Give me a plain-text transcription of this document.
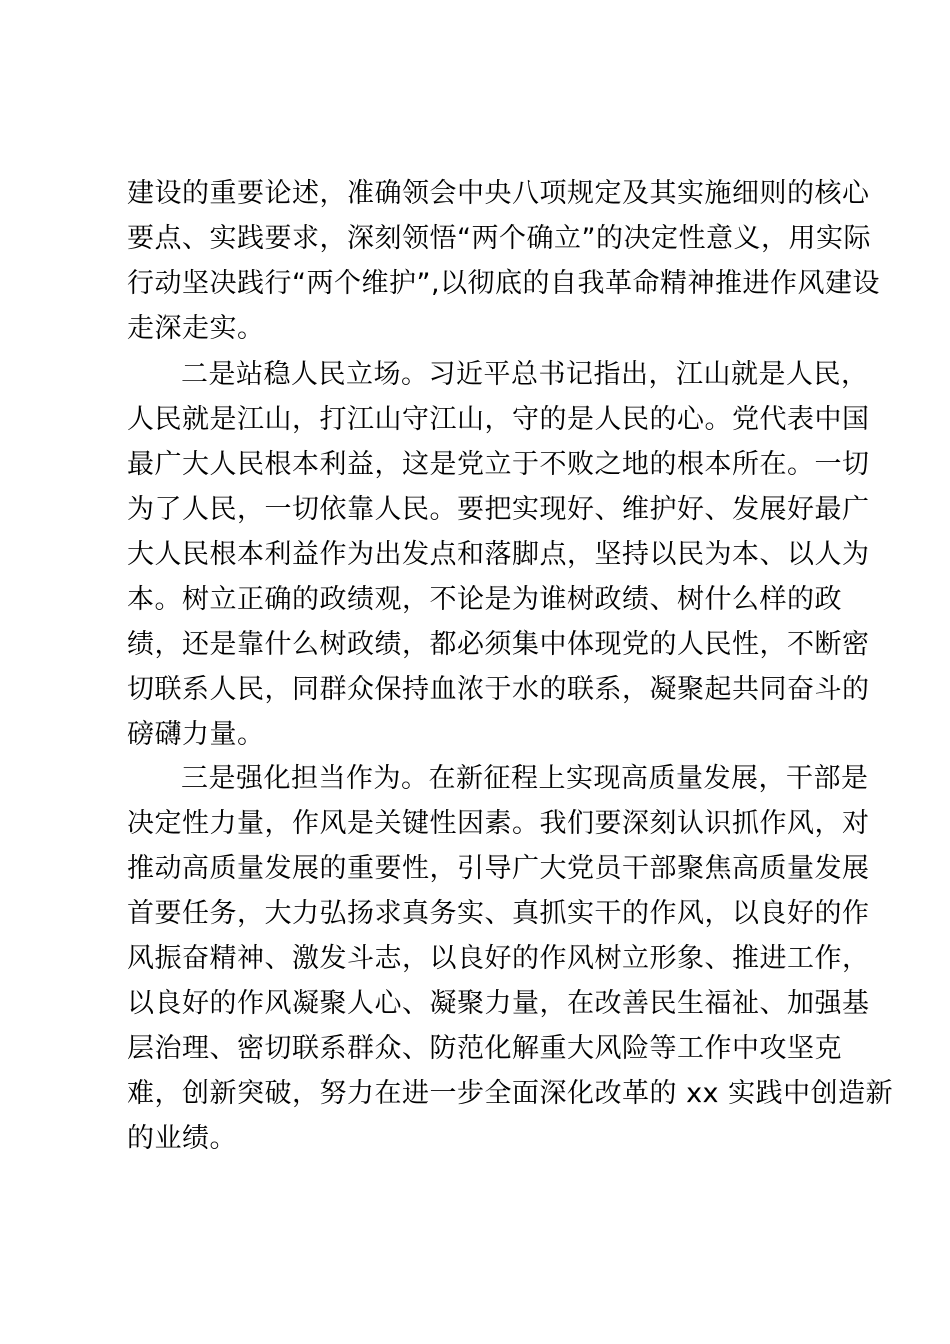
建设的重要论述，准确领会中央八项规定及其实施细则的核心
要点、实践要求，深刻领悟“两个确立”的决定性意义，用实际
行动坚决践行“两个维护”,以彻底的自我革命精神推进作风建设
走深走实。
二是站稳人民立场。习近平总书记指出，江山就是人民，
人民就是江山，打江山守江山，守的是人民的心。党代表中国
最广大人民根本利益，这是党立于不败之地的根本所在。一切
为了人民，一切依靠人民。要把实现好、维护好、发展好最广
大人民根本利益作为出发点和落脚点，坚持以民为本、以人为
本。树立正确的政绩观，不论是为谁树政绩、树什么样的政
绩，还是靠什么树政绩，都必须集中体现党的人民性，不断密
切联系人民，同群众保持血浓于水的联系，凝聚起共同奋斗的
磅礴力量。
三是强化担当作为。在新征程上实现高质量发展，干部是
决定性力量，作风是关键性因素。我们要深刻认识抓作风，对
推动高质量发展的重要性，引导广大党员干部聚焦高质量发展
首要任务，大力弘扬求真务实、真抓实干的作风，以良好的作
风振奋精神、激发斗志，以良好的作风树立形象、推进工作，
以良好的作风凝聚人心、凝聚力量，在改善民生福祉、加强基
层治理、密切联系群众、防范化解重大风险等工作中攻坚克
难，创新突破，努力在进一步全面深化改革的 xx 实践中创造新
的业绩。
